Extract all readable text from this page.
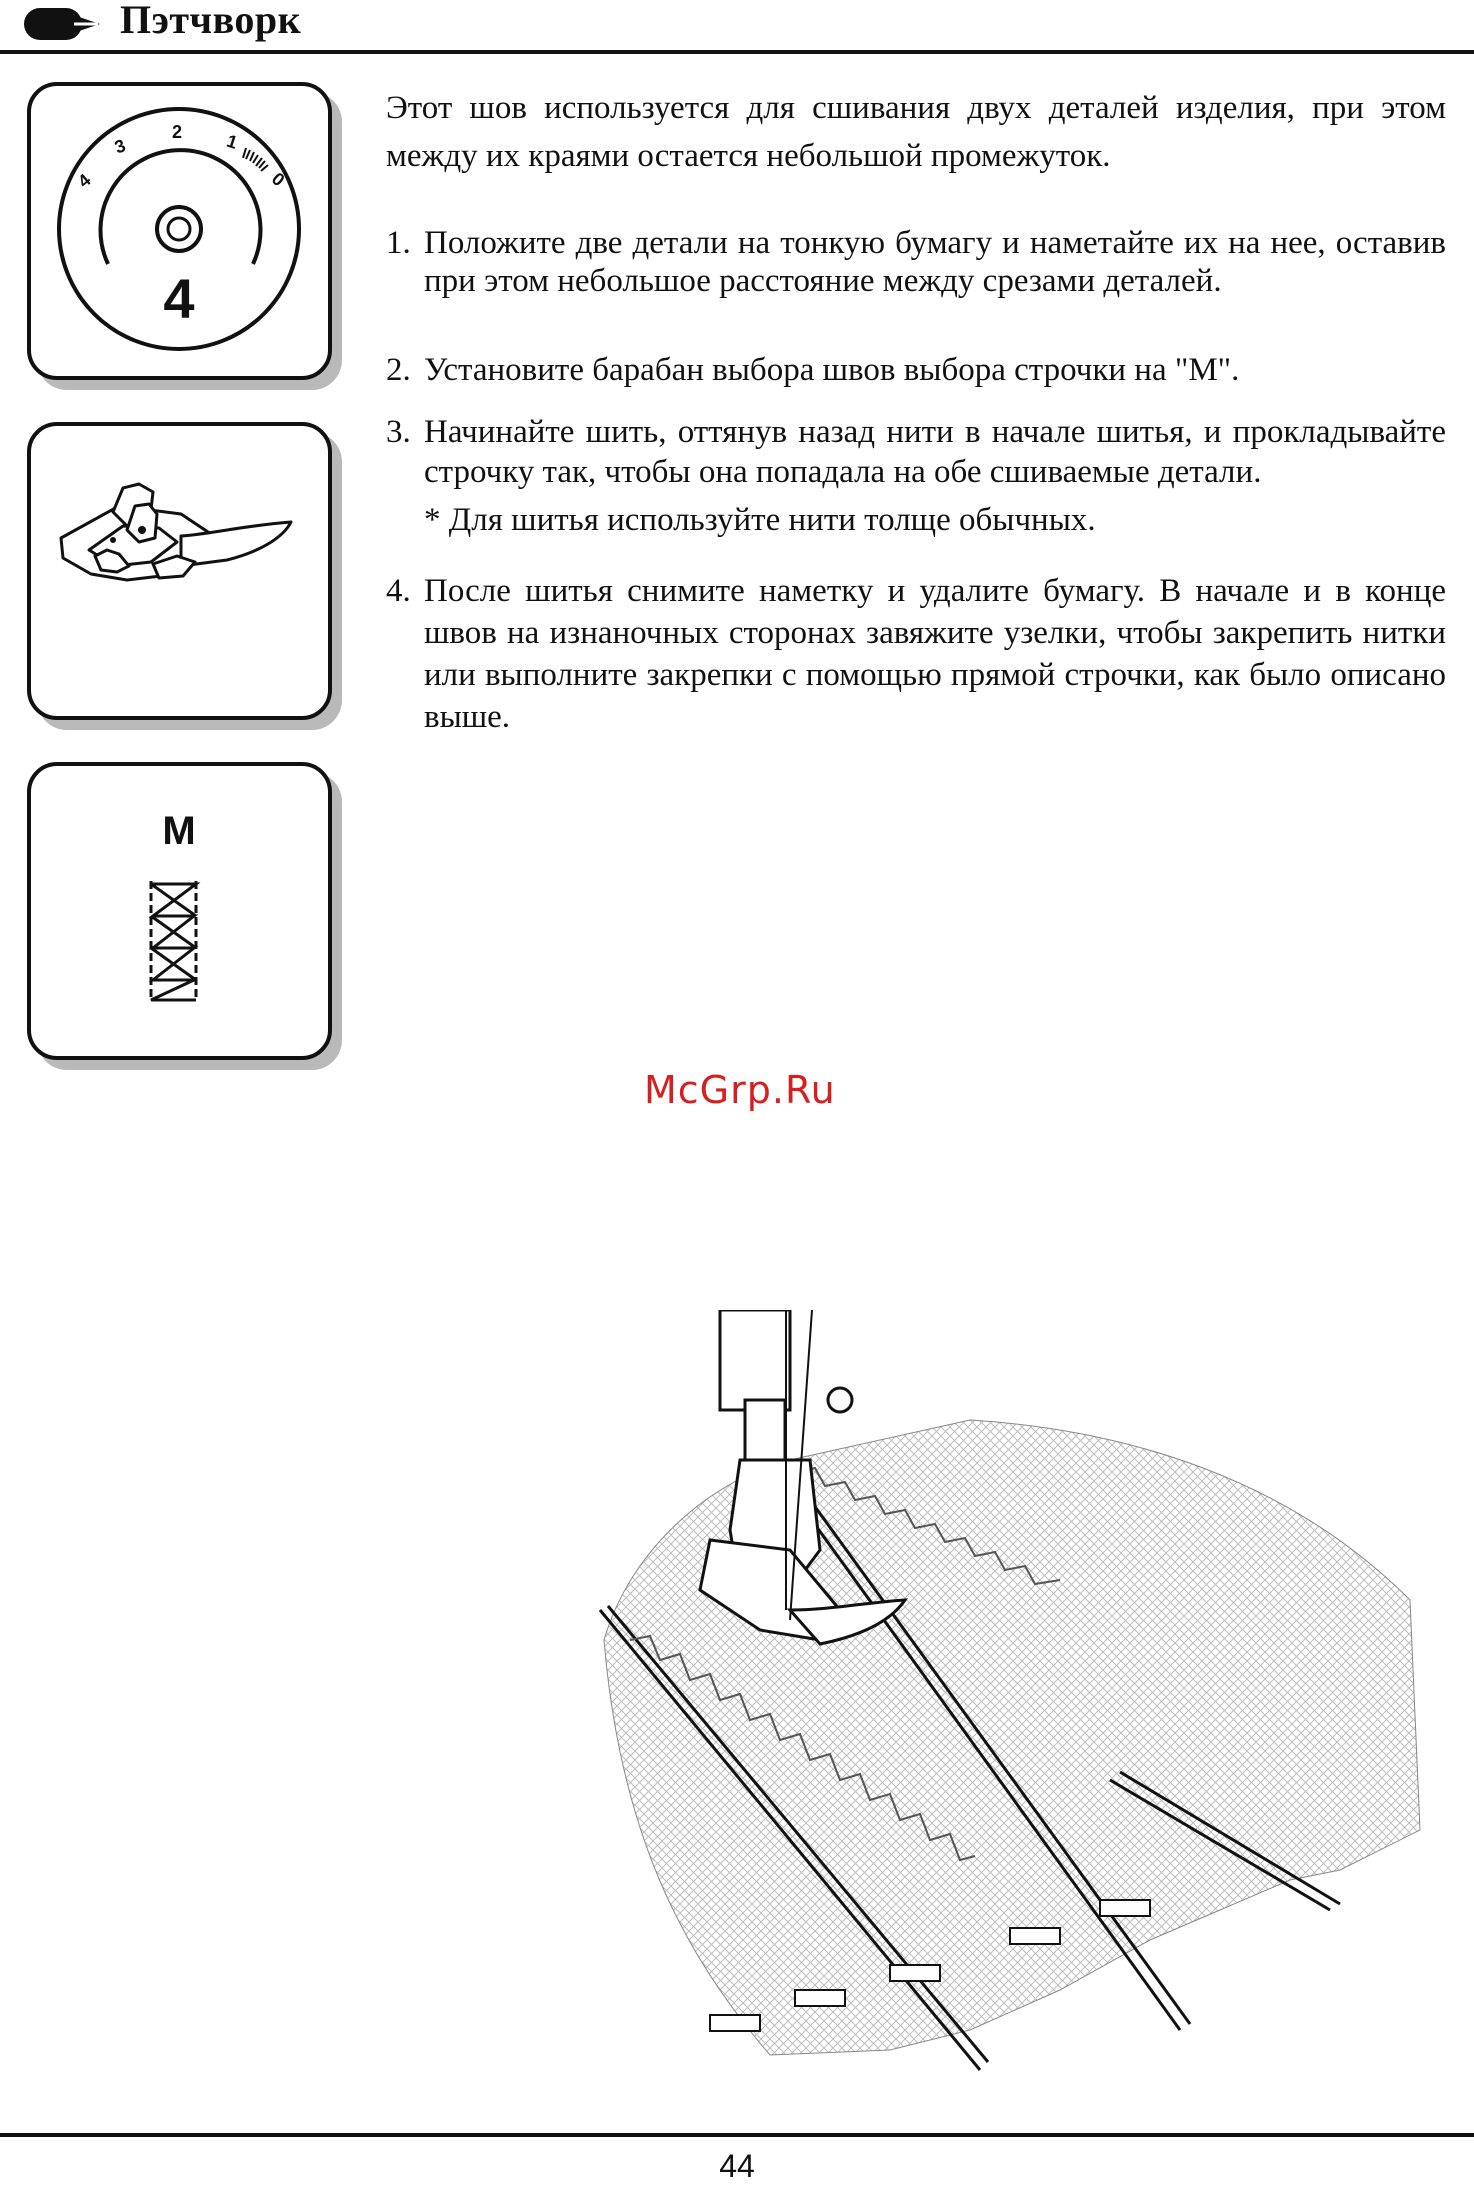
Пэтчворк
4
3
2 1
0
4
M

Этот шов используется для сшивания двух деталей изделия, при этом между их краями остается небольшой промежуток.

1. Положите две детали на тонкую бумагу и наметайте их на нее, оставив при этом небольшое расстояние между срезами деталей.
2. Установите барабан выбора швов выбора строчки на "M".
3. Начинайте шить, оттянув назад нити в начале шитья, и прокладывайте строчку так, чтобы она попадала на обе сшиваемые детали.
* Для шитья используйте нити толще обычных.
4. После шитья снимите наметку и удалите бумагу. В начале и в конце швов на изнаночных сторонах завяжите узелки, чтобы закрепить нитки или выполните закрепки с помощью прямой строчки, как было описано выше.
McGrp.Ru
44
